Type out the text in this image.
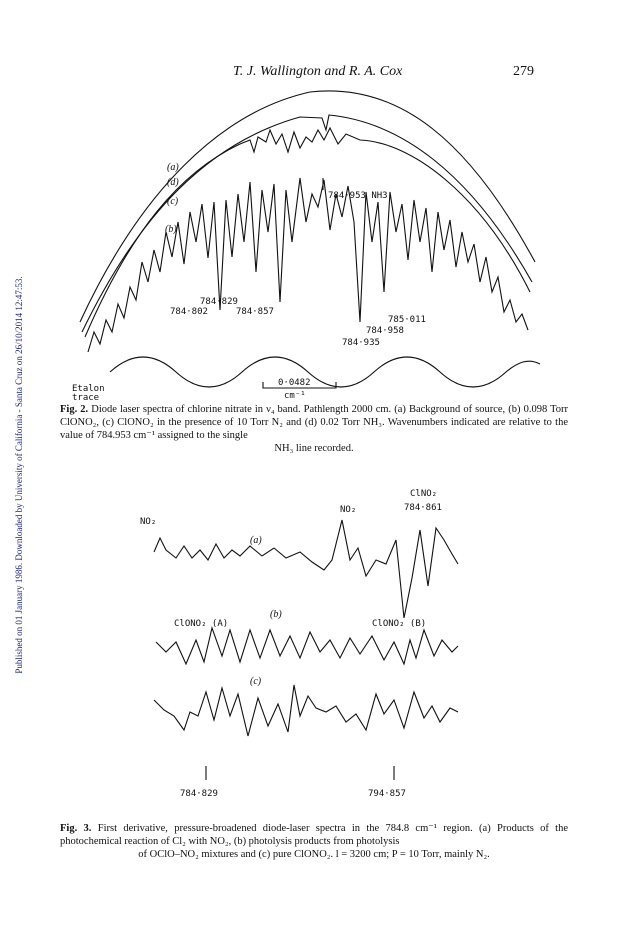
T. J. Wallington and R. A. Cox	279
Published on 01 January 1986. Downloaded by University of California - Santa Cruz on 26/10/2014 12:47:53.
(a)
(d)
(c)
(b)
784·953 NH3
784·829
784·802	784·857
785·011
784·958
784·935
Etalon
trace
0·0482
cm⁻¹
Fig. 2. Diode laser spectra of chlorine nitrate in ν₄ band. Pathlength 2000 cm. (a) Background of source, (b) 0.098 Torr ClONO₂, (c) ClONO₂ in the presence of 10 Torr N₂ and (d) 0.02 Torr NH₃. Wavenumbers indicated are relative to the value of 784.953 cm⁻¹ assigned to the single
NH₃ line recorded.
NO₂
NO₂
ClNO₂
784·861
(a)
(b)
ClONO₂ (A)	ClONO₂ (B)
(c)
784·829	794·857
Fig. 3. First derivative, pressure-broadened diode-laser spectra in the 784.8 cm⁻¹ region. (a) Products of the photochemical reaction of Cl₂ with NO₂, (b) photolysis products from photolysis
of OClO–NO₂ mixtures and (c) pure ClONO₂. l = 3200 cm; P = 10 Torr, mainly N₂.
